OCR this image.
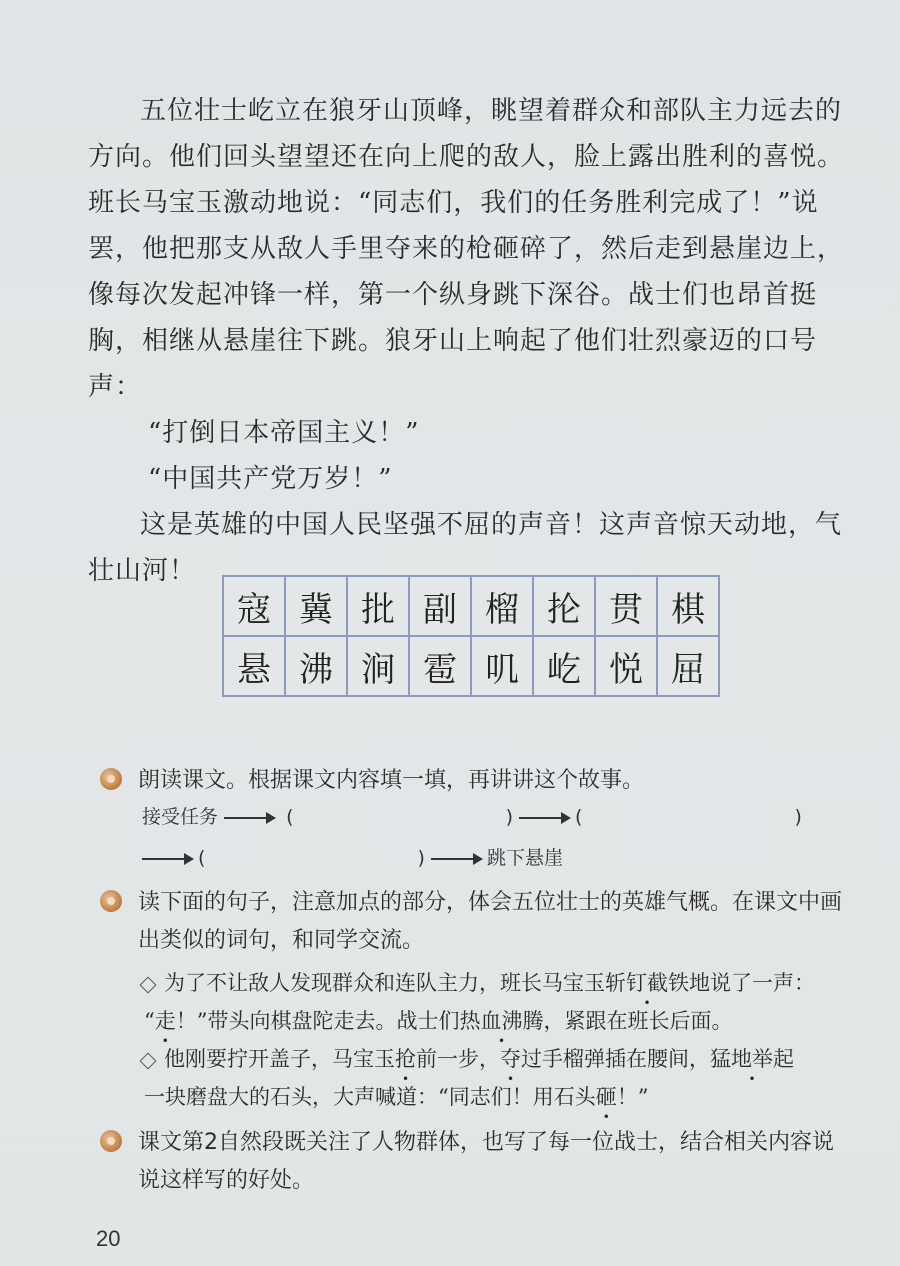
五位壮士屹立在狼牙山顶峰，眺望着群众和部队主力远去的方向。他们回头望望还在向上爬的敌人，脸上露出胜利的喜悦。班长马宝玉激动地说：“同志们，我们的任务胜利完成了！”说罢，他把那支从敌人手里夺来的枪砸碎了，然后走到悬崖边上，像每次发起冲锋一样，第一个纵身跳下深谷。战士们也昂首挺胸，相继从悬崖往下跳。狼牙山上响起了他们壮烈豪迈的口号声：

“打倒日本帝国主义！”

“中国共产党万岁！”

这是英雄的中国人民坚强不屈的声音！这声音惊天动地，气壮山河！

寇	冀	批	副	榴	抡	贯	棋
悬	沸	涧	雹	叽	屹	悦	屈

朗读课文。根据课文内容填一填，再讲讲这个故事。

接受任务	(	)	(	)
(	)	跳下悬崖

读下面的句子，注意加点的部分，体会五位壮士的英雄气概。在课文中画

出类似的词句，和同学交流。

为了不让敌人发现群众和连队主力，班长马宝玉斩钉截铁地说了一声：

“走！”带头向棋盘陀走去。战士们热血沸腾，紧跟在班长后面。

他刚要拧开盖子，马宝玉抢前一步，夺过手榴弹插在腰间，猛地举起

一块磨盘大的石头，大声喊道：“同志们！用石头砸！”

课文第2自然段既关注了人物群体，也写了每一位战士，结合相关内容说

说这样写的好处。

20
